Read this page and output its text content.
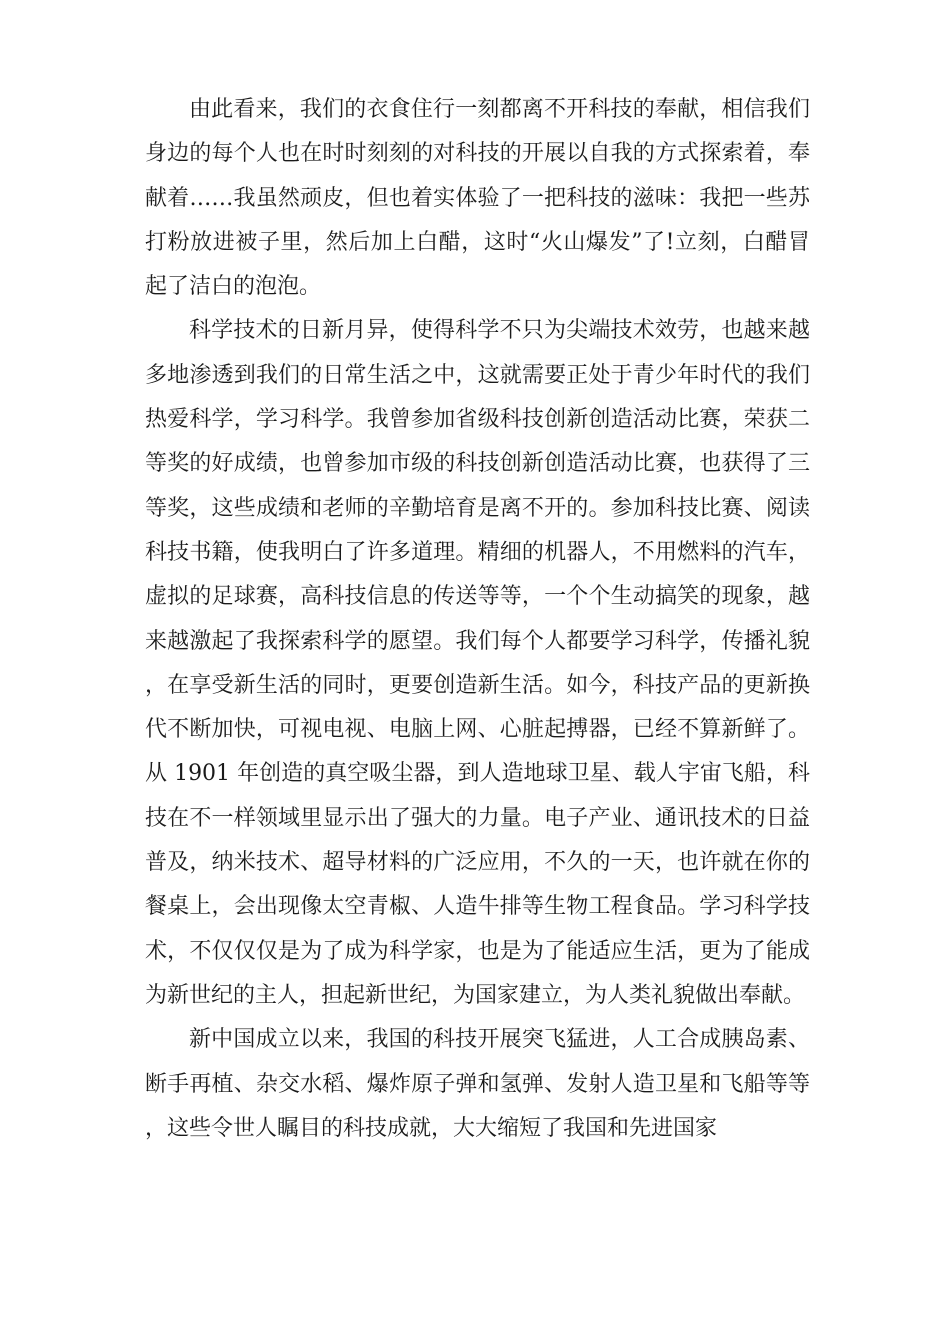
由此看来，我们的衣食住行一刻都离不开科技的奉献，相信我们身边的每个人也在时时刻刻的对科技的开展以自我的方式探索着，奉献着……我虽然顽皮，但也着实体验了一把科技的滋味：我把一些苏打粉放进被子里，然后加上白醋，这时“火山爆发”了!立刻，白醋冒起了洁白的泡泡。

科学技术的日新月异，使得科学不只为尖端技术效劳，也越来越多地渗透到我们的日常生活之中，这就需要正处于青少年时代的我们热爱科学，学习科学。我曾参加省级科技创新创造活动比赛，荣获二等奖的好成绩，也曾参加市级的科技创新创造活动比赛，也获得了三等奖，这些成绩和老师的辛勤培育是离不开的。参加科技比赛、阅读科技书籍，使我明白了许多道理。精细的机器人，不用燃料的汽车，虚拟的足球赛，高科技信息的传送等等，一个个生动搞笑的现象，越来越激起了我探索科学的愿望。我们每个人都要学习科学，传播礼貌，在享受新生活的同时，更要创造新生活。如今，科技产品的更新换代不断加快，可视电视、电脑上网、心脏起搏器，已经不算新鲜了。从 1901 年创造的真空吸尘器，到人造地球卫星、载人宇宙飞船，科技在不一样领域里显示出了强大的力量。电子产业、通讯技术的日益普及，纳米技术、超导材料的广泛应用，不久的一天，也许就在你的餐桌上，会出现像太空青椒、人造牛排等生物工程食品。学习科学技术，不仅仅仅是为了成为科学家，也是为了能适应生活，更为了能成为新世纪的主人，担起新世纪，为国家建立，为人类礼貌做出奉献。

新中国成立以来，我国的科技开展突飞猛进，人工合成胰岛素、断手再植、杂交水稻、爆炸原子弹和氢弹、发射人造卫星和飞船等等，这些令世人瞩目的科技成就，大大缩短了我国和先进国家
